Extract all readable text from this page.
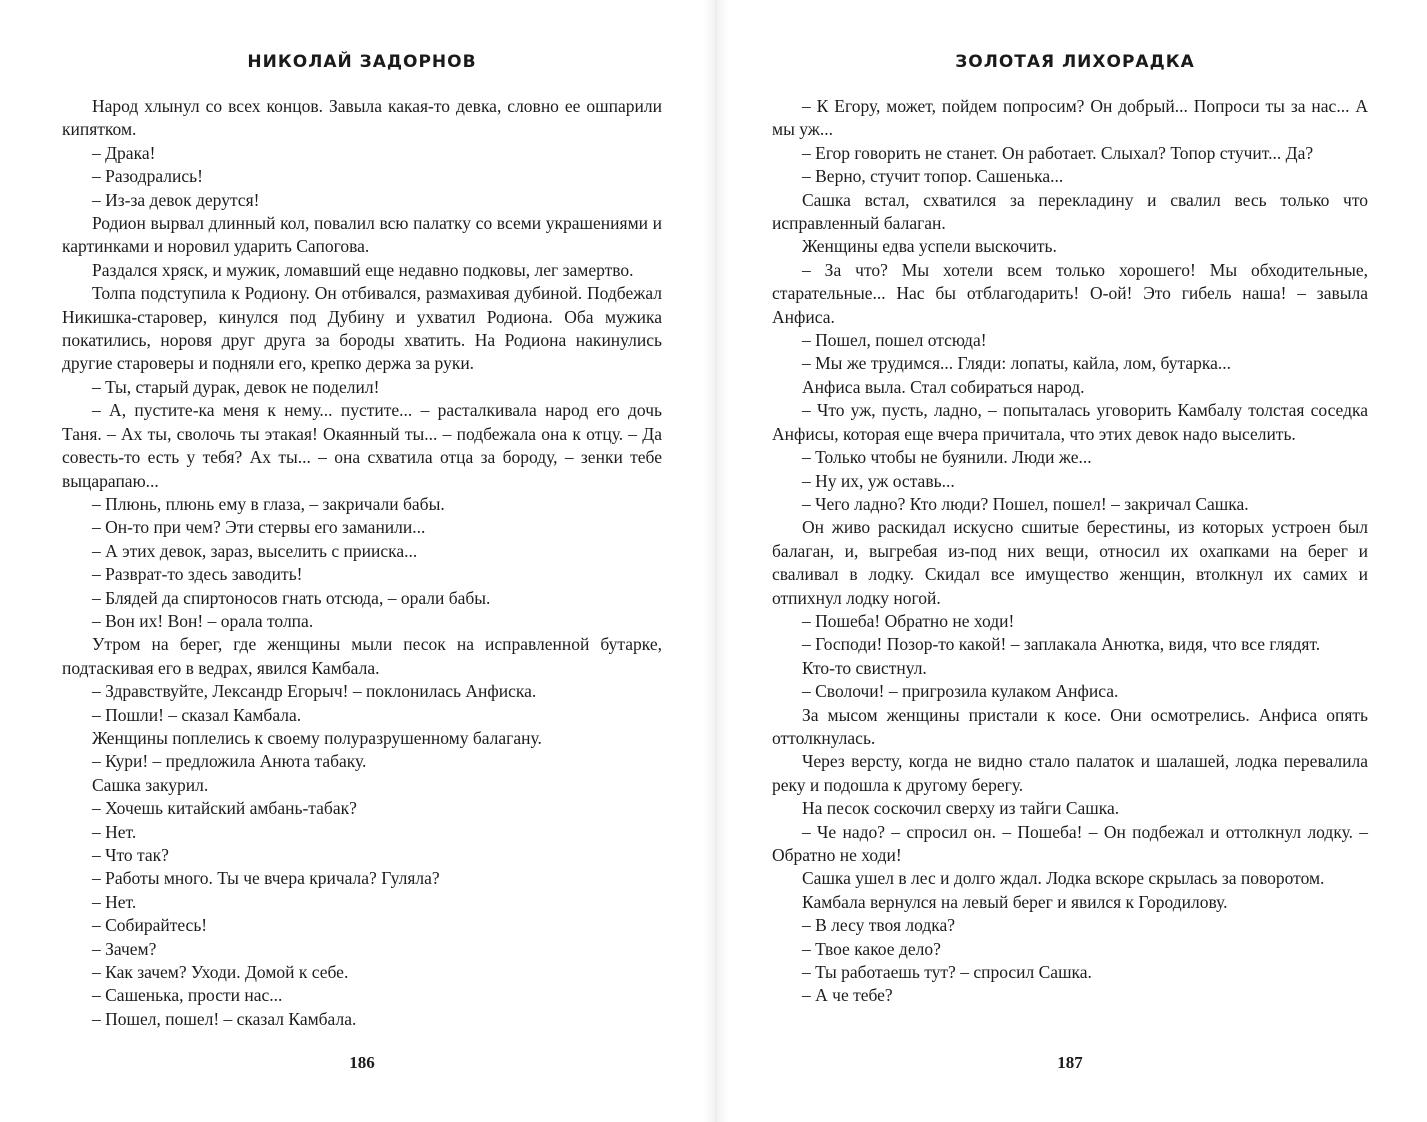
НИКОЛАЙ ЗАДОРНОВ

Народ хлынул со всех концов. Завыла какая-то девка, словно ее ошпарили кипятком.

– Драка!

– Разодрались!

– Из-за девок дерутся!

Родион вырвал длинный кол, повалил всю палатку со всеми украшениями и картинками и норовил ударить Сапогова.

Раздался хряск, и мужик, ломавший еще недавно подковы, лег замертво.

Толпа подступила к Родиону. Он отбивался, размахивая дубиной. Подбежал Никишка-старовер, кинулся под Дубину и ухватил Родиона. Оба мужика покатились, норовя друг друга за бороды хватить. На Родиона накинулись другие староверы и подняли его, крепко держа за руки.

– Ты, старый дурак, девок не поделил!

– А, пустите-ка меня к нему... пустите... – расталкивала народ его дочь Таня. – Ах ты, сволочь ты этакая! Окаянный ты... – подбежала она к отцу. – Да совесть-то есть у тебя? Ах ты... – она схватила отца за бороду, – зенки тебе выцарапаю...

– Плюнь, плюнь ему в глаза, – закричали бабы.

– Он-то при чем? Эти стервы его заманили...

– А этих девок, зараз, выселить с прииска...

– Разврат-то здесь заводить!

– Блядей да спиртоносов гнать отсюда, – орали бабы.

– Вон их! Вон! – орала толпа.

Утром на берег, где женщины мыли песок на исправленной бутарке, подтаскивая его в ведрах, явился Камбала.

– Здравствуйте, Лександр Егорыч! – поклонилась Анфиска.

– Пошли! – сказал Камбала.

Женщины поплелись к своему полуразрушенному балагану.

– Кури! – предложила Анюта табаку.

Сашка закурил.

– Хочешь китайский амбань-табак?

– Нет.

– Что так?

– Работы много. Ты че вчера кричала? Гуляла?

– Нет.

– Собирайтесь!

– Зачем?

– Как зачем? Уходи. Домой к себе.

– Сашенька, прости нас...

– Пошел, пошел! – сказал Камбала.

186
ЗОЛОТАЯ ЛИХОРАДКА

– К Егору, может, пойдем попросим? Он добрый... Попроси ты за нас... А мы уж...

– Егор говорить не станет. Он работает. Слыхал? Топор стучит... Да?

– Верно, стучит топор. Сашенька...

Сашка встал, схватился за перекладину и свалил весь только что исправленный балаган.

Женщины едва успели выскочить.

– За что? Мы хотели всем только хорошего! Мы обходительные, старательные... Нас бы отблагодарить! О-ой! Это гибель наша! – завыла Анфиса.

– Пошел, пошел отсюда!

– Мы же трудимся... Гляди: лопаты, кайла, лом, бутарка...

Анфиса выла. Стал собираться народ.

– Что уж, пусть, ладно, – попыталась уговорить Камбалу толстая соседка Анфисы, которая еще вчера причитала, что этих девок надо выселить.

– Только чтобы не буянили. Люди же...

– Ну их, уж оставь...

– Чего ладно? Кто люди? Пошел, пошел! – закричал Сашка.

Он живо раскидал искусно сшитые берестины, из которых устроен был балаган, и, выгребая из-под них вещи, относил их охапками на берег и сваливал в лодку. Скидал все имущество женщин, втолкнул их самих и отпихнул лодку ногой.

– Пошеба! Обратно не ходи!

– Господи! Позор-то какой! – заплакала Анютка, видя, что все глядят.

Кто-то свистнул.

– Сволочи! – пригрозила кулаком Анфиса.

За мысом женщины пристали к косе. Они осмотрелись. Анфиса опять оттолкнулась.

Через версту, когда не видно стало палаток и шалашей, лодка перевалила реку и подошла к другому берегу.

На песок соскочил сверху из тайги Сашка.

– Че надо? – спросил он. – Пошеба! – Он подбежал и оттолкнул лодку. – Обратно не ходи!

Сашка ушел в лес и долго ждал. Лодка вскоре скрылась за поворотом.

Камбала вернулся на левый берег и явился к Городилову.

– В лесу твоя лодка?

– Твое какое дело?

– Ты работаешь тут? – спросил Сашка.

– А че тебе?

187
